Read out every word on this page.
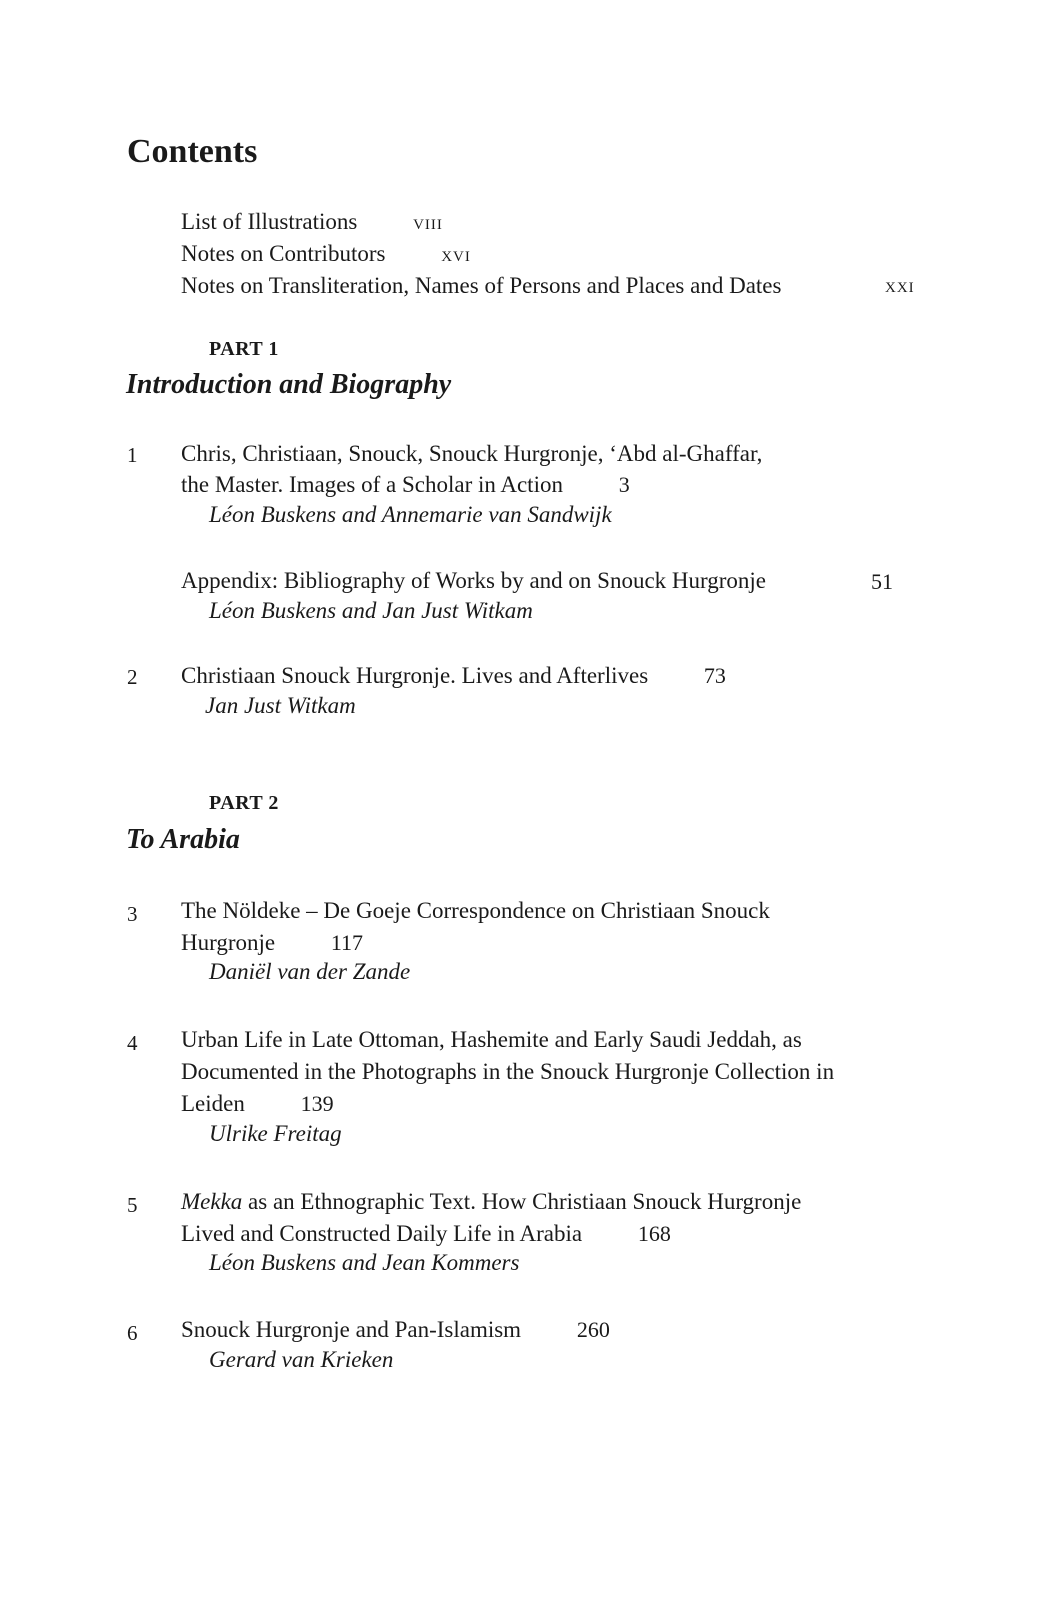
Contents
List of Illustrations	viii
Notes on Contributors	xvi
Notes on Transliteration, Names of Persons and Places and Dates	xxi
PART 1
Introduction and Biography
1 Chris, Christiaan, Snouck, Snouck Hurgronje, ‘Abd al-Ghaffar,
the Master. Images of a Scholar in Action	3
Léon Buskens and Annemarie van Sandwijk
Appendix: Bibliography of Works by and on Snouck Hurgronje	51
Léon Buskens and Jan Just Witkam
2 Christiaan Snouck Hurgronje. Lives and Afterlives	73
Jan Just Witkam
PART 2
To Arabia
3 The Nöldeke – De Goeje Correspondence on Christiaan Snouck
Hurgronje	117
Daniël van der Zande
4 Urban Life in Late Ottoman, Hashemite and Early Saudi Jeddah, as
Documented in the Photographs in the Snouck Hurgronje Collection in
Leiden	139
Ulrike Freitag
5 Mekka as an Ethnographic Text. How Christiaan Snouck Hurgronje
Lived and Constructed Daily Life in Arabia	168
Léon Buskens and Jean Kommers
6 Snouck Hurgronje and Pan-Islamism	260
Gerard van Krieken
